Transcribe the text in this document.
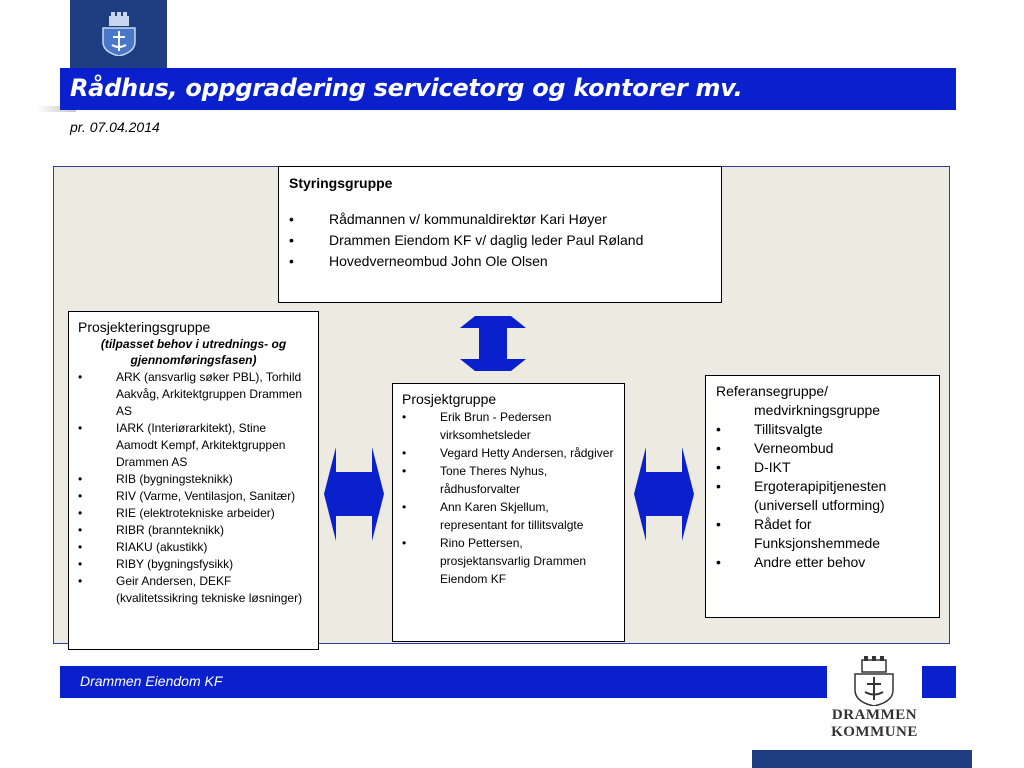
Rådhus, oppgradering servicetorg og kontorer mv.
pr. 07.04.2014
Styringsgruppe
•	Rådmannen v/ kommunaldirektør Kari Høyer
•	Drammen Eiendom KF v/ daglig leder Paul Røland
•	Hovedverneombud John Ole Olsen
Prosjekteringsgruppe
(tilpasset behov i utrednings- og gjennomføringsfasen)
•	ARK (ansvarlig søker PBL), Torhild Aakvåg, Arkitektgruppen Drammen AS
•	IARK (Interiørarkitekt), Stine Aamodt Kempf, Arkitektgruppen Drammen AS
•	RIB (bygningsteknikk)
•	RIV (Varme, Ventilasjon, Sanitær)
•	RIE (elektrotekniske arbeider)
•	RIBR (brannteknikk)
•	RIAKU (akustikk)
•	RIBY (bygningsfysikk)
•	Geir Andersen, DEKF (kvalitetssikring tekniske løsninger)
Prosjektgruppe
•	Erik Brun - Pedersen virksomhetsleder
•	Vegard Hetty Andersen, rådgiver
•	Tone Theres Nyhus, rådhusforvalter
•	Ann Karen Skjellum, representant for tillitsvalgte
•	Rino Pettersen, prosjektansvarlig Drammen Eiendom KF
Referansegruppe/
medvirkningsgruppe
• Tillitsvalgte
• Verneombud
• D-IKT
• Ergoterapipitjenesten (universell utforming)
• Rådet for Funksjonshemmede
• Andre etter behov
Drammen Eiendom KF
DRAMMEN
KOMMUNE
